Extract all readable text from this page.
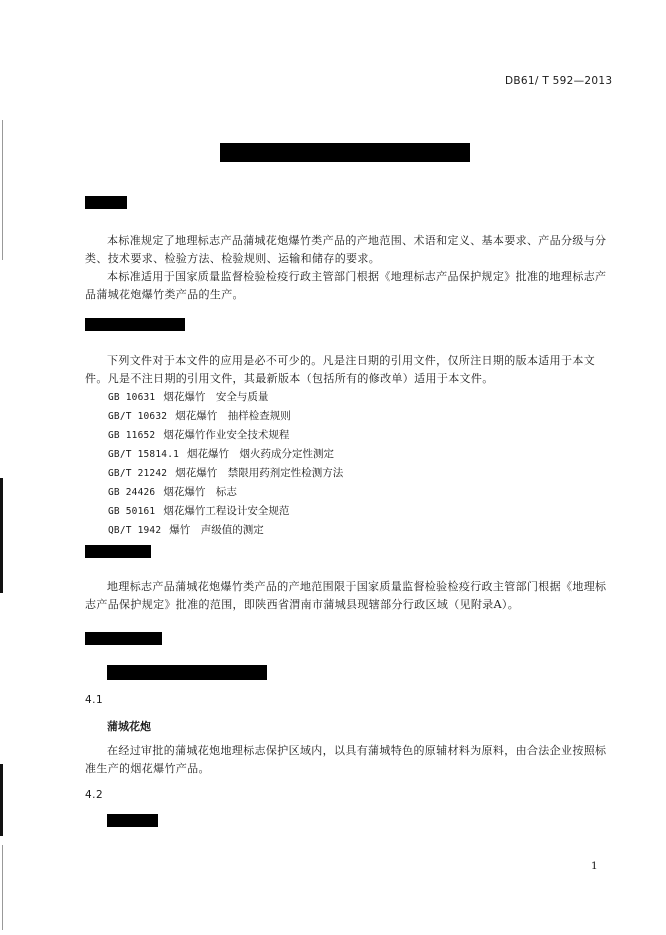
DB61/ T 592—2013

本标准规定了地理标志产品蒲城花炮爆竹类产品的产地范围、术语和定义、基本要求、产品分级与分类、技术要求、检验方法、检验规则、运输和储存的要求。

本标准适用于国家质量监督检验检疫行政主管部门根据《地理标志产品保护规定》批准的地理标志产品蒲城花炮爆竹类产品的生产。

下列文件对于本文件的应用是必不可少的。凡是注日期的引用文件，仅所注日期的版本适用于本文件。凡是不注日期的引用文件，其最新版本（包括所有的修改单）适用于本文件。

GB 10631 烟花爆竹　安全与质量
GB/T 10632 烟花爆竹　抽样检查规则
GB 11652 烟花爆竹作业安全技术规程
GB/T 15814.1 烟花爆竹　烟火药成分定性测定
GB/T 21242 烟花爆竹　禁限用药剂定性检测方法
GB 24426 烟花爆竹　标志
GB 50161 烟花爆竹工程设计安全规范
QB/T 1942 爆竹　声级值的测定

地理标志产品蒲城花炮爆竹类产品的产地范围限于国家质量监督检验检疫行政主管部门根据《地理标志产品保护规定》批准的范围，即陕西省渭南市蒲城县现辖部分行政区域（见附录A）。

4.1
蒲城花炮

在经过审批的蒲城花炮地理标志保护区域内，以具有蒲城特色的原辅材料为原料，由合法企业按照标准生产的烟花爆竹产品。

4.2
1
